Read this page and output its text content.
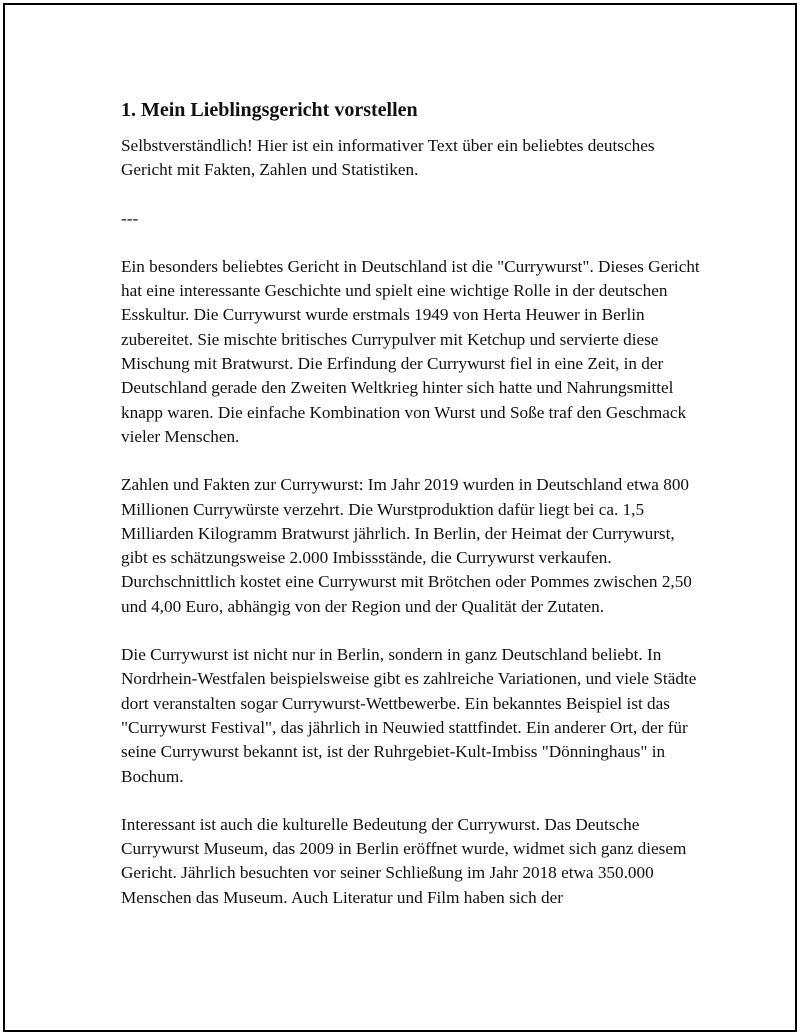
1. Mein Lieblingsgericht vorstellen

Selbstverständlich! Hier ist ein informativer Text über ein beliebtes deutsches Gericht mit Fakten, Zahlen und Statistiken.

---

Ein besonders beliebtes Gericht in Deutschland ist die "Currywurst". Dieses Gericht hat eine interessante Geschichte und spielt eine wichtige Rolle in der deutschen Esskultur. Die Currywurst wurde erstmals 1949 von Herta Heuwer in Berlin zubereitet. Sie mischte britisches Currypulver mit Ketchup und servierte diese Mischung mit Bratwurst. Die Erfindung der Currywurst fiel in eine Zeit, in der Deutschland gerade den Zweiten Weltkrieg hinter sich hatte und Nahrungsmittel knapp waren. Die einfache Kombination von Wurst und Soße traf den Geschmack vieler Menschen.

Zahlen und Fakten zur Currywurst: Im Jahr 2019 wurden in Deutschland etwa 800 Millionen Currywürste verzehrt. Die Wurstproduktion dafür liegt bei ca. 1,5 Milliarden Kilogramm Bratwurst jährlich. In Berlin, der Heimat der Currywurst, gibt es schätzungsweise 2.000 Imbissstände, die Currywurst verkaufen. Durchschnittlich kostet eine Currywurst mit Brötchen oder Pommes zwischen 2,50 und 4,00 Euro, abhängig von der Region und der Qualität der Zutaten.

Die Currywurst ist nicht nur in Berlin, sondern in ganz Deutschland beliebt. In Nordrhein-Westfalen beispielsweise gibt es zahlreiche Variationen, und viele Städte dort veranstalten sogar Currywurst-Wettbewerbe. Ein bekanntes Beispiel ist das "Currywurst Festival", das jährlich in Neuwied stattfindet. Ein anderer Ort, der für seine Currywurst bekannt ist, ist der Ruhrgebiet-Kult-Imbiss "Dönninghaus" in Bochum.

Interessant ist auch die kulturelle Bedeutung der Currywurst. Das Deutsche Currywurst Museum, das 2009 in Berlin eröffnet wurde, widmet sich ganz diesem Gericht. Jährlich besuchten vor seiner Schließung im Jahr 2018 etwa 350.000 Menschen das Museum. Auch Literatur und Film haben sich der
